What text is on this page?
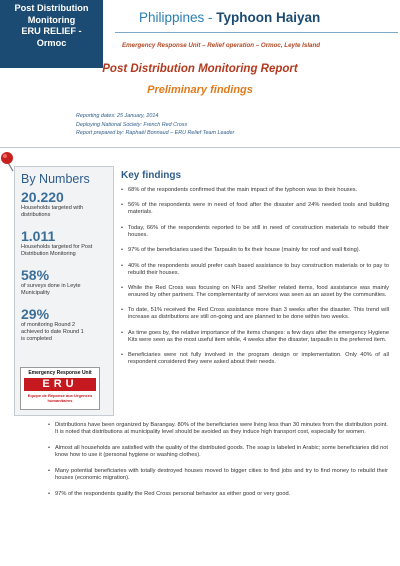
Post Distribution
Monitoring
ERU RELIEF -
Ormoc
Philippines - Typhoon Haiyan
Emergency Response Unit – Relief operation – Ormoc, Leyte Island
Post Distribution Monitoring Report
Preliminary findings
Reporting dates: 25 January, 2014
Deploying National Society: French Red Cross
Report prepared by: Raphaël Bonnaud – ERU Relief Team Leader
By Numbers
20.220
Households targeted with distributions
1.011
Households targeted for Post Distribution Monitoring
58%
of surveys done in Leyte Municipality
29%
of monitoring Round 2 achieved to date Round 1 is completed
Emergency Response Unit
ERU
Equipe de Réponse aux Urgences humanitaires
Key findings
• 68% of the respondents confirmed that the main impact of the typhoon was to their houses.
• 56% of the respondents were in need of food after the disaster and 24% needed tools and building materials.
• Today, 66% of the respondents reported to be still in need of construction materials to rebuild their houses.
• 97% of the beneficiaries used the Tarpaulin to fix their house (mainly for roof and wall fixing).
• 40% of the respondents would prefer cash based assistance to buy construction materials or to pay to rebuild their houses.
• While the Red Cross was focusing on NFIs and Shelter related items, food assistance was mainly ensured by other partners. The complementarity of services was seen as an asset by the communities.
• To date, 51% received the Red Cross assistance more than 3 weeks after the disaster. This trend will increase as distributions are still on-going and are planned to be done within two weeks.
• As time goes by, the relative importance of the items changes: a few days after the emergency Hygiene Kits were seen as the most useful item while, 4 weeks after the disaster, tarpaulin is the preferred item.
• Beneficiaries were not fully involved in the program design or implementation. Only 40% of all respondent considered they were asked about their needs.
• Distributions have been organized by Barangay. 80% of the beneficiaries were living less than 30 minutes from the distribution point. It is noted that distributions at municipality level should be avoided as they induce high transport cost, especially for women.
• Almost all households are satisfied with the quality of the distributed goods. The soap is labeled in Arabic; some beneficiaries did not know how to use it (personal hygiene or washing clothes).
• Many potential beneficiaries with totally destroyed houses moved to bigger cities to find jobs and try to find money to rebuild their houses (economic migration).
• 97% of the respondents qualify the Red Cross personal behavior as either good or very good.
